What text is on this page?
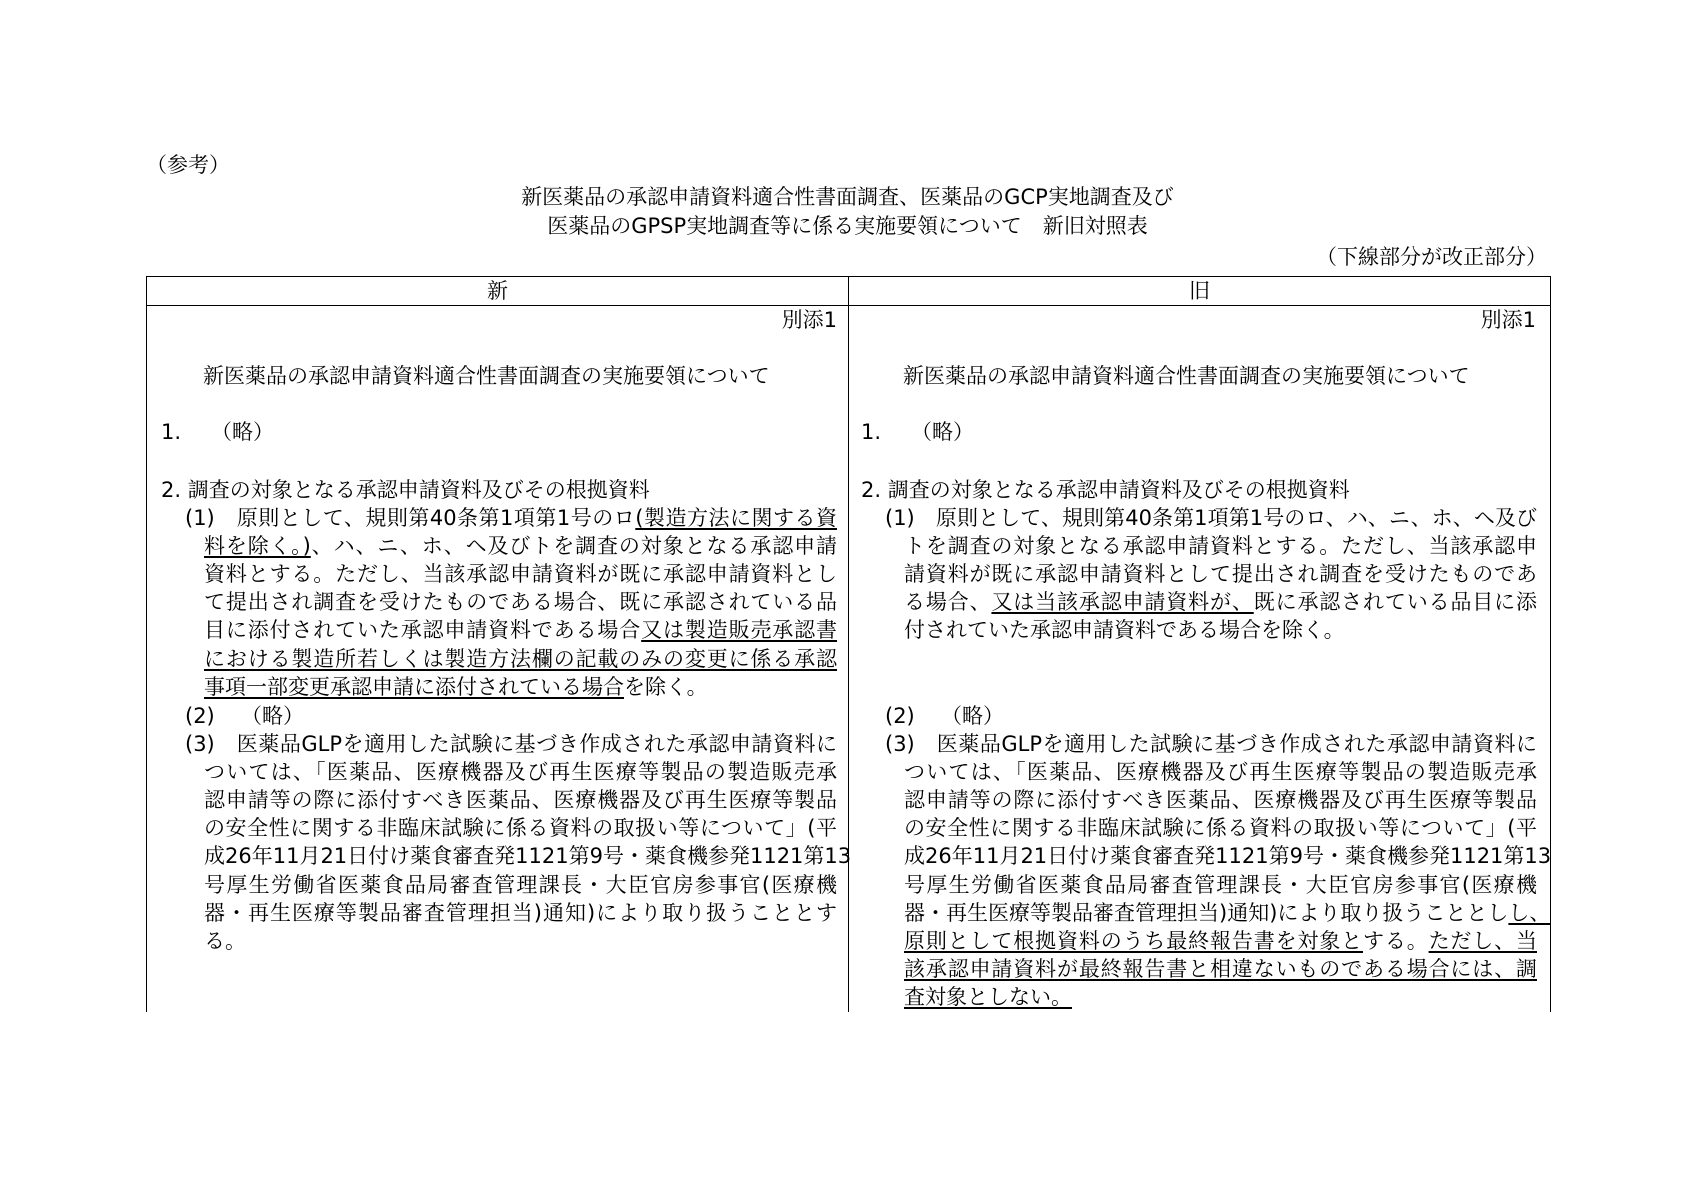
（参考）
新医薬品の承認申請資料適合性書面調査、医薬品のGCP実地調査及び
医薬品のGPSP実地調査等に係る実施要領について　新旧対照表
（下線部分が改正部分）
新	旧
別添1
新医薬品の承認申請資料適合性書面調査の実施要領について
1. （略）
2. 調査の対象となる承認申請資料及びその根拠資料
(1)　原則として、規則第40条第1項第1号のロ(製造方法に関する資
料を除く。)、ハ、ニ、ホ、ヘ及びトを調査の対象となる承認申請
資料とする。ただし、当該承認申請資料が既に承認申請資料とし
て提出され調査を受けたものである場合、既に承認されている品
目に添付されていた承認申請資料である場合又は製造販売承認書
における製造所若しくは製造方法欄の記載のみの変更に係る承認
事項一部変更承認申請に添付されている場合を除く。
(2) （略）
(3)　医薬品GLPを適用した試験に基づき作成された承認申請資料に
ついては、「医薬品、医療機器及び再生医療等製品の製造販売承
認申請等の際に添付すべき医薬品、医療機器及び再生医療等製品
の安全性に関する非臨床試験に係る資料の取扱い等について」(平
成26年11月21日付け薬食審査発1121第9号・薬食機参発1121第13
号厚生労働省医薬食品局審査管理課長・大臣官房参事官(医療機
器・再生医療等製品審査管理担当)通知)により取り扱うこととす
る。
別添1
新医薬品の承認申請資料適合性書面調査の実施要領について
1. （略）
2. 調査の対象となる承認申請資料及びその根拠資料
(1)　原則として、規則第40条第1項第1号のロ、ハ、ニ、ホ、ヘ及び
トを調査の対象となる承認申請資料とする。ただし、当該承認申
請資料が既に承認申請資料として提出され調査を受けたものであ
る場合、又は当該承認申請資料が、既に承認されている品目に添
付されていた承認申請資料である場合を除く。
(2) （略）
(3)　医薬品GLPを適用した試験に基づき作成された承認申請資料に
ついては、「医薬品、医療機器及び再生医療等製品の製造販売承
認申請等の際に添付すべき医薬品、医療機器及び再生医療等製品
の安全性に関する非臨床試験に係る資料の取扱い等について」(平
成26年11月21日付け薬食審査発1121第9号・薬食機参発1121第13
号厚生労働省医薬食品局審査管理課長・大臣官房参事官(医療機
器・再生医療等製品審査管理担当)通知)により取り扱うこととしし、
原則として根拠資料のうち最終報告書を対象とする。ただし、当
該承認申請資料が最終報告書と相違ないものである場合には、調
査対象としない。
